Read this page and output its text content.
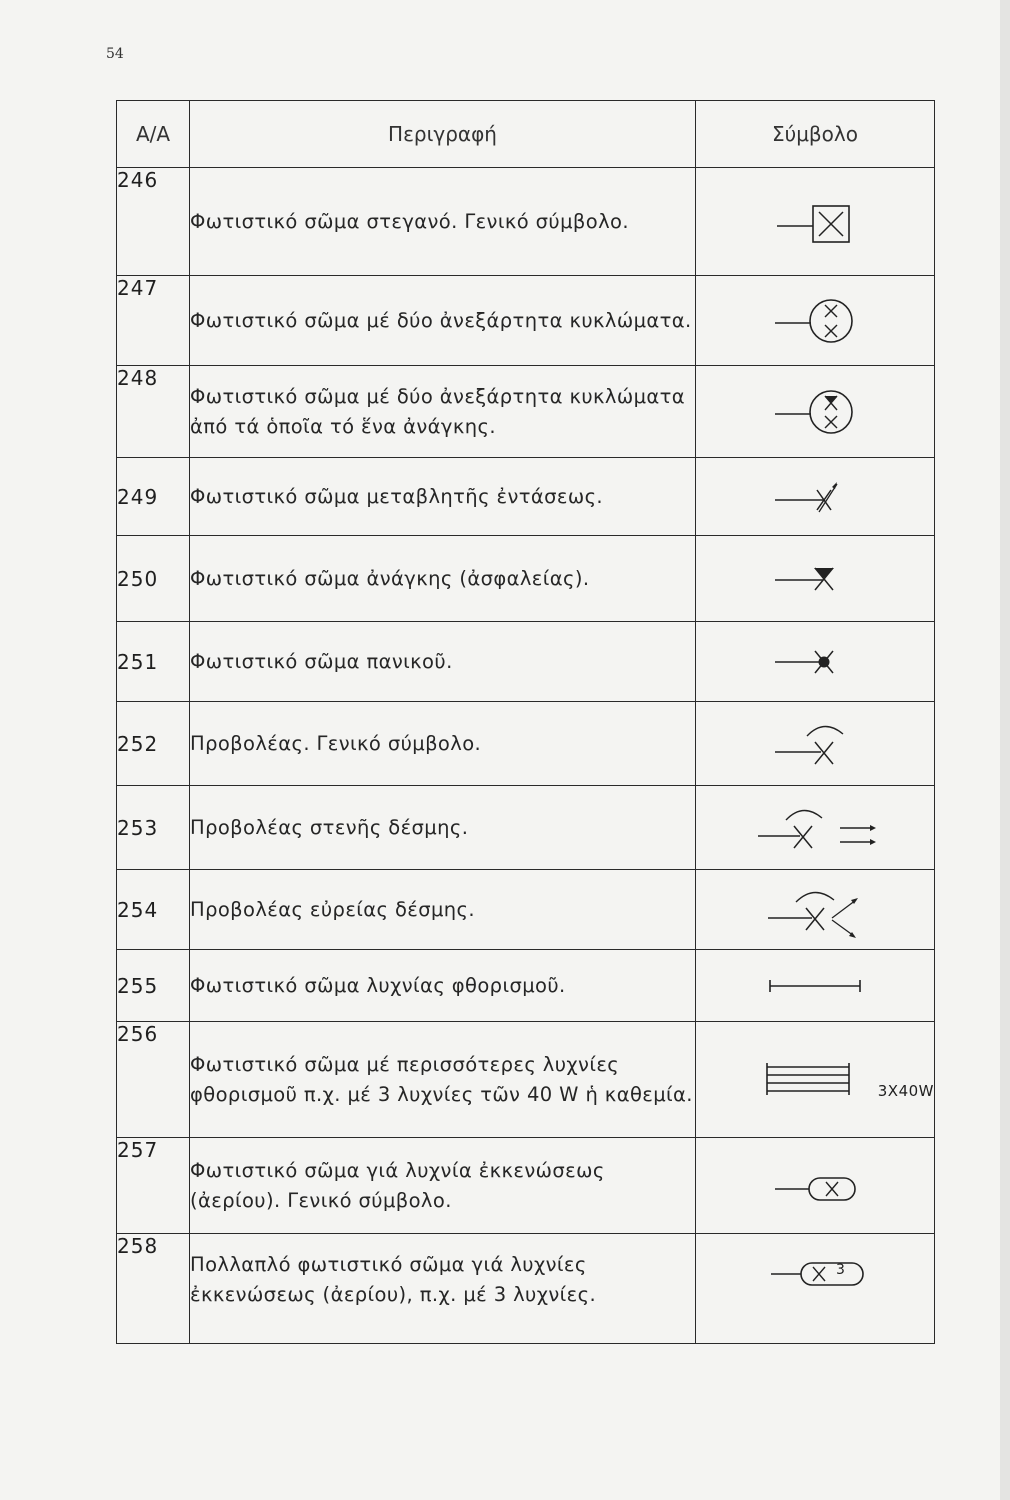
54
Α/Α	Περιγραφή	Σύμβολο
246	Φωτιστικό σῶμα στεγανό. Γενικό σύμβολο.	

247	Φωτιστικό σῶμα μέ δύο ἀνεξάρτητα κυκλώματα.	

248	Φωτιστικό σῶμα μέ δύο ἀνεξάρτητα κυκλώματα ἀπό τά ὁποῖα τό ἕνα ἀνάγκης.	

249	Φωτιστικό σῶμα μεταβλητῆς ἐντάσεως.	

250	Φωτιστικό σῶμα ἀνάγκης (ἀσφαλείας).	

251	Φωτιστικό σῶμα πανικοῦ.	

252	Προβολέας. Γενικό σύμβολο.	

253	Προβολέας στενῆς δέσμης.	

254	Προβολέας εὐρείας δέσμης.	

255	Φωτιστικό σῶμα λυχνίας φθορισμοῦ.	

256	Φωτιστικό σῶμα μέ περισσότερες λυχνίες φθορισμοῦ π.χ. μέ 3 λυχνίες τῶν 40 W ἡ καθεμία.	3X40W

257	Φωτιστικό σῶμα γιά λυχνία ἐκκενώσεως (ἀερίου). Γενικό σύμβολο.	

258	Πολλαπλό φωτιστικό σῶμα γιά λυχνίες ἐκκενώσεως (ἀερίου), π.χ. μέ 3 λυχνίες.	3
